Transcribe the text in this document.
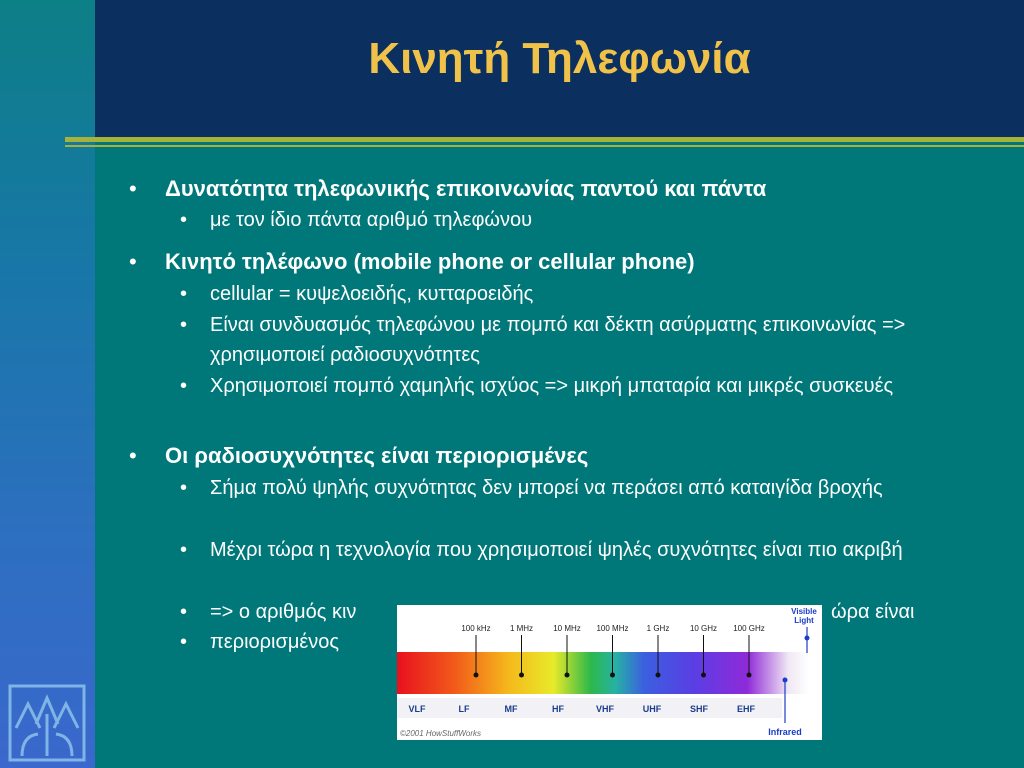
Κινητή Τηλεφωνία
• Δυνατότητα τηλεφωνικής επικοινωνίας παντού και πάντα
• με τον ίδιο πάντα αριθμό τηλεφώνου
• Κινητό τηλέφωνο (mobile phone or cellular phone)
• cellular = κυψελοειδής, κυτταροειδής
• Είναι συνδυασμός τηλεφώνου με πομπό και δέκτη ασύρματης επικοινωνίας => χρησιμοποιεί ραδιοσυχνότητες
• Χρησιμοποιεί πομπό χαμηλής ισχύος => μικρή μπαταρία και μικρές συσκευές
• Οι ραδιοσυχνότητες είναι περιορισμένες
• Σήμα πολύ ψηλής συχνότητας δεν μπορεί να περάσει από καταιγίδα βροχής
• Μέχρι τώρα η τεχνολογία που χρησιμοποιεί ψηλές συχνότητες είναι πιο ακριβή
• => ο αριθμός κιν
•	ώρα είναι
• περιορισμένος
100 kHz 1 MHz	10 MHz 100 MHz 1 GHz	10 GHz 100 GHz
VLF	LF	MF	HF	VHF	UHF	SHF	EHF
Visible
Light
Infrared
©2001 HowStuffWorks
